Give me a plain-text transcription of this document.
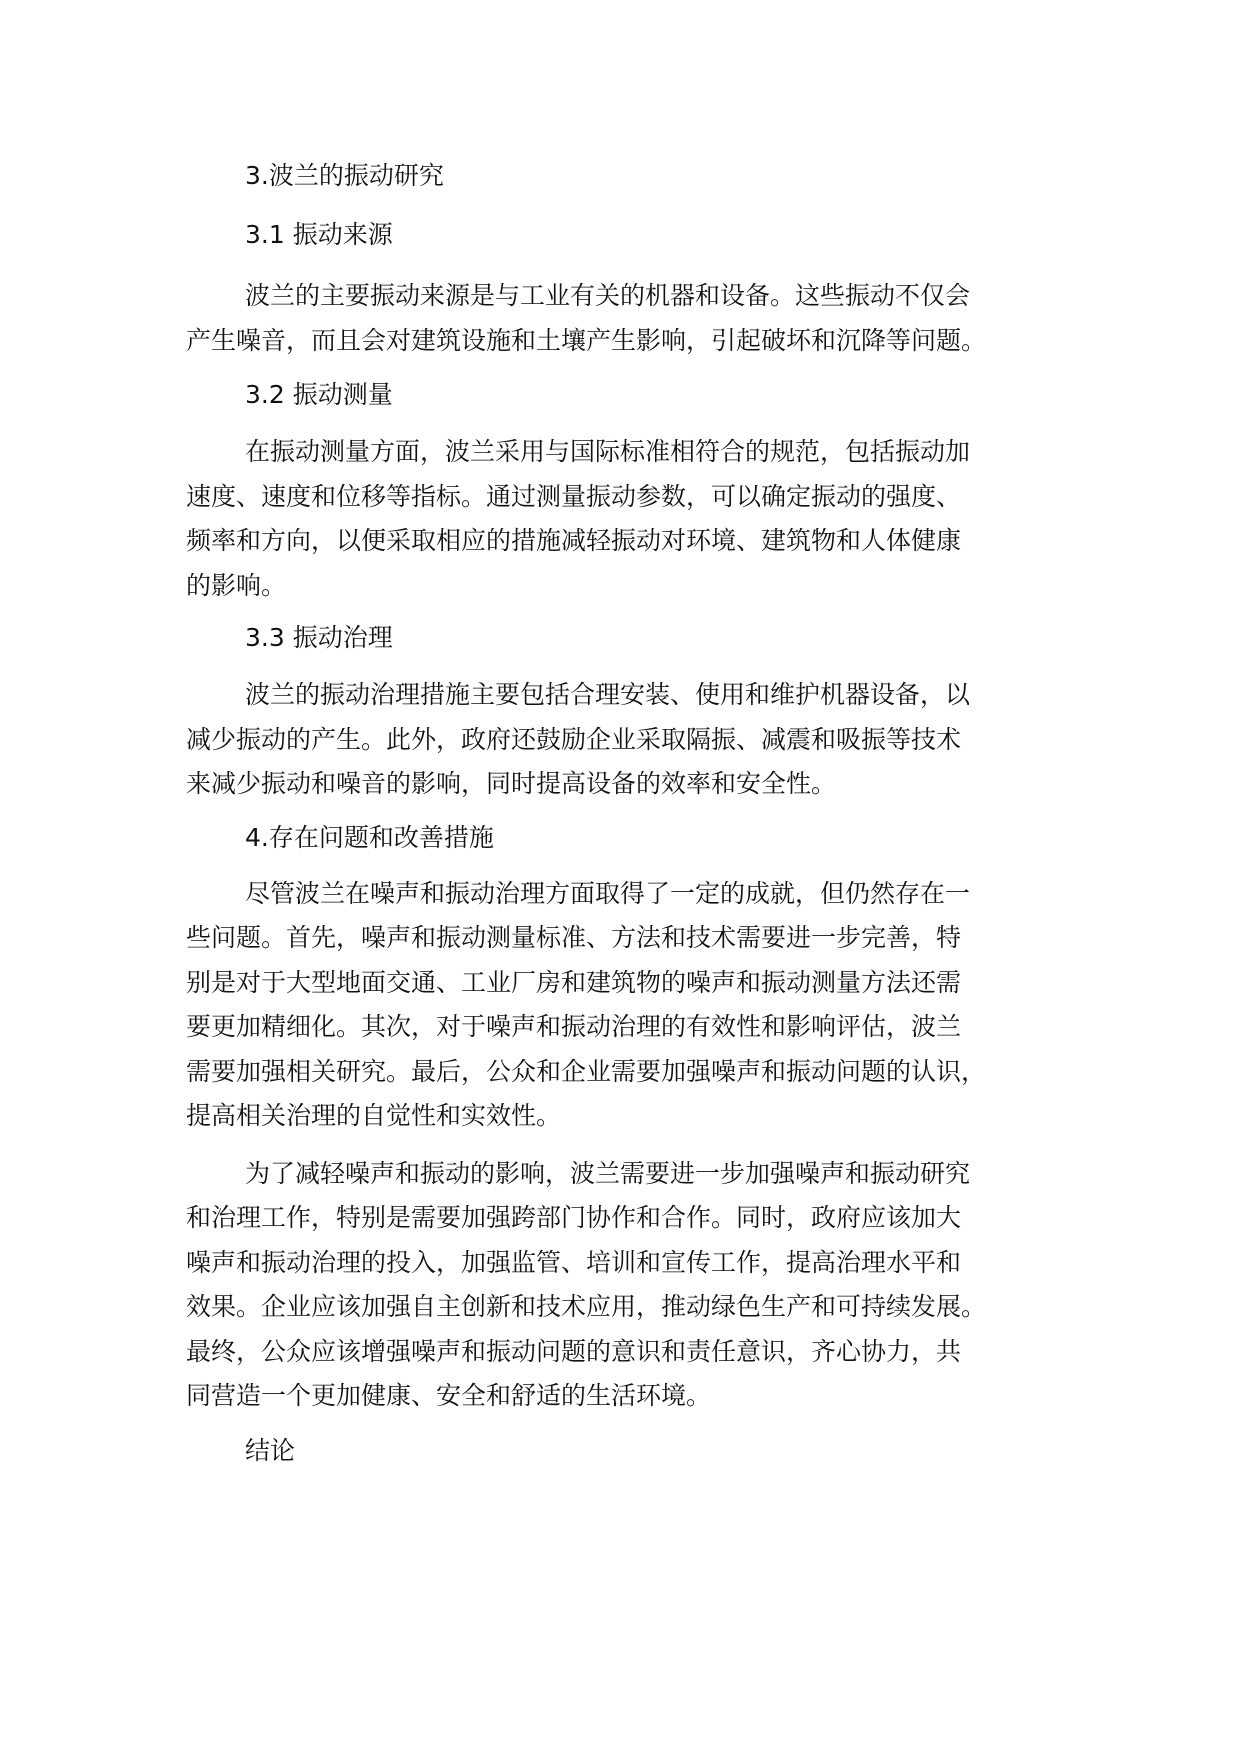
3.波兰的振动研究
3.1 振动来源
波兰的主要振动来源是与工业有关的机器和设备。这些振动不仅会
产生噪音，而且会对建筑设施和土壤产生影响，引起破坏和沉降等问题。
3.2 振动测量
在振动测量方面，波兰采用与国际标准相符合的规范，包括振动加
速度、速度和位移等指标。通过测量振动参数，可以确定振动的强度、
频率和方向，以便采取相应的措施减轻振动对环境、建筑物和人体健康
的影响。
3.3 振动治理
波兰的振动治理措施主要包括合理安装、使用和维护机器设备，以
减少振动的产生。此外，政府还鼓励企业采取隔振、减震和吸振等技术
来减少振动和噪音的影响，同时提高设备的效率和安全性。
4.存在问题和改善措施
尽管波兰在噪声和振动治理方面取得了一定的成就，但仍然存在一
些问题。首先，噪声和振动测量标准、方法和技术需要进一步完善，特
别是对于大型地面交通、工业厂房和建筑物的噪声和振动测量方法还需
要更加精细化。其次，对于噪声和振动治理的有效性和影响评估，波兰
需要加强相关研究。最后，公众和企业需要加强噪声和振动问题的认识，
提高相关治理的自觉性和实效性。
为了减轻噪声和振动的影响，波兰需要进一步加强噪声和振动研究
和治理工作，特别是需要加强跨部门协作和合作。同时，政府应该加大
噪声和振动治理的投入，加强监管、培训和宣传工作，提高治理水平和
效果。企业应该加强自主创新和技术应用，推动绿色生产和可持续发展。
最终，公众应该增强噪声和振动问题的意识和责任意识，齐心协力，共
同营造一个更加健康、安全和舒适的生活环境。
结论
